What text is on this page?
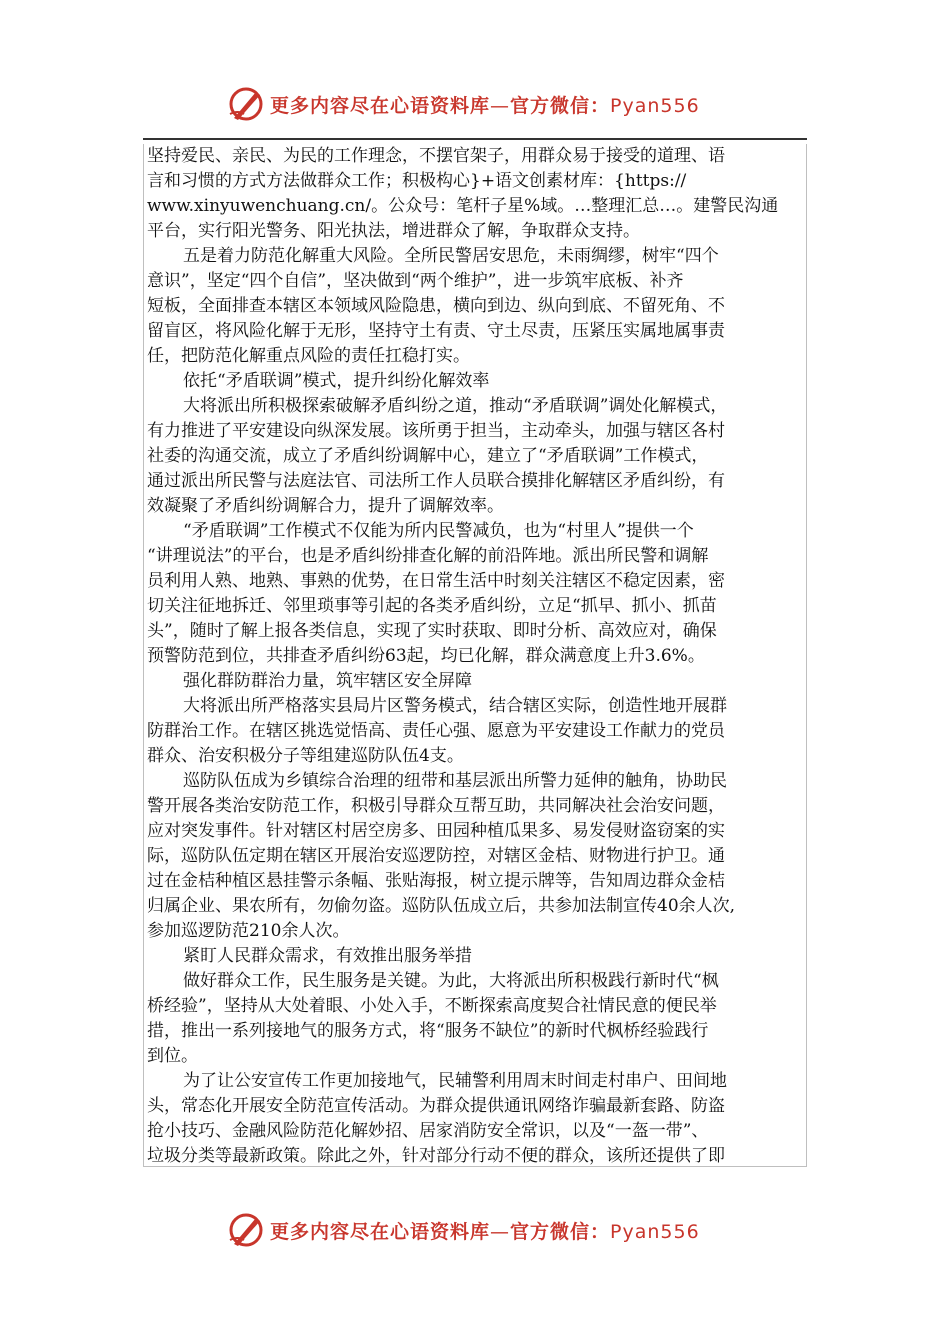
更多内容尽在心语资料库—官方微信：Pyan556
坚持爱民、亲民、为民的工作理念，不摆官架子，用群众易于接受的道理、语
言和习惯的方式方法做群众工作；积极构心}+语文创素材库：{https://
www.xinyuwenchuang.cn/。公众号：笔杆子星%域。…整理汇总…。建警民沟通
平台，实行阳光警务、阳光执法，增进群众了解，争取群众支持。
五是着力防范化解重大风险。全所民警居安思危，未雨绸缪，树牢“四个
意识”，坚定“四个自信”，坚决做到“两个维护”，进一步筑牢底板、补齐
短板，全面排查本辖区本领域风险隐患，横向到边、纵向到底、不留死角、不
留盲区，将风险化解于无形，坚持守土有责、守土尽责，压紧压实属地属事责
任，把防范化解重点风险的责任扛稳打实。
依托“矛盾联调”模式，提升纠纷化解效率
大将派出所积极探索破解矛盾纠纷之道，推动“矛盾联调”调处化解模式，
有力推进了平安建设向纵深发展。该所勇于担当，主动牵头，加强与辖区各村
社委的沟通交流，成立了矛盾纠纷调解中心，建立了“矛盾联调”工作模式，
通过派出所民警与法庭法官、司法所工作人员联合摸排化解辖区矛盾纠纷，有
效凝聚了矛盾纠纷调解合力，提升了调解效率。
“矛盾联调”工作模式不仅能为所内民警减负，也为“村里人”提供一个
“讲理说法”的平台，也是矛盾纠纷排查化解的前沿阵地。派出所民警和调解
员利用人熟、地熟、事熟的优势，在日常生活中时刻关注辖区不稳定因素，密
切关注征地拆迁、邻里琐事等引起的各类矛盾纠纷，立足“抓早、抓小、抓苗
头”，随时了解上报各类信息，实现了实时获取、即时分析、高效应对，确保
预警防范到位，共排查矛盾纠纷63起，均已化解，群众满意度上升3.6%。
强化群防群治力量，筑牢辖区安全屏障
大将派出所严格落实县局片区警务模式，结合辖区实际，创造性地开展群
防群治工作。在辖区挑选觉悟高、责任心强、愿意为平安建设工作献力的党员
群众、治安积极分子等组建巡防队伍4支。
巡防队伍成为乡镇综合治理的纽带和基层派出所警力延伸的触角，协助民
警开展各类治安防范工作，积极引导群众互帮互助，共同解决社会治安问题，
应对突发事件。针对辖区村居空房多、田园种植瓜果多、易发侵财盗窃案的实
际，巡防队伍定期在辖区开展治安巡逻防控，对辖区金桔、财物进行护卫。通
过在金桔种植区悬挂警示条幅、张贴海报，树立提示牌等，告知周边群众金桔
归属企业、果农所有，勿偷勿盗。巡防队伍成立后，共参加法制宣传40余人次,
参加巡逻防范210余人次。
紧盯人民群众需求，有效推出服务举措
做好群众工作，民生服务是关键。为此，大将派出所积极践行新时代“枫
桥经验”，坚持从大处着眼、小处入手，不断探索高度契合社情民意的便民举
措，推出一系列接地气的服务方式，将“服务不缺位”的新时代枫桥经验践行
到位。
为了让公安宣传工作更加接地气，民辅警利用周末时间走村串户、田间地
头，常态化开展安全防范宣传活动。为群众提供通讯网络诈骗最新套路、防盗
抢小技巧、金融风险防范化解妙招、居家消防安全常识，以及“一盔一带”、
垃圾分类等最新政策。除此之外，针对部分行动不便的群众，该所还提供了即
更多内容尽在心语资料库—官方微信：Pyan556
